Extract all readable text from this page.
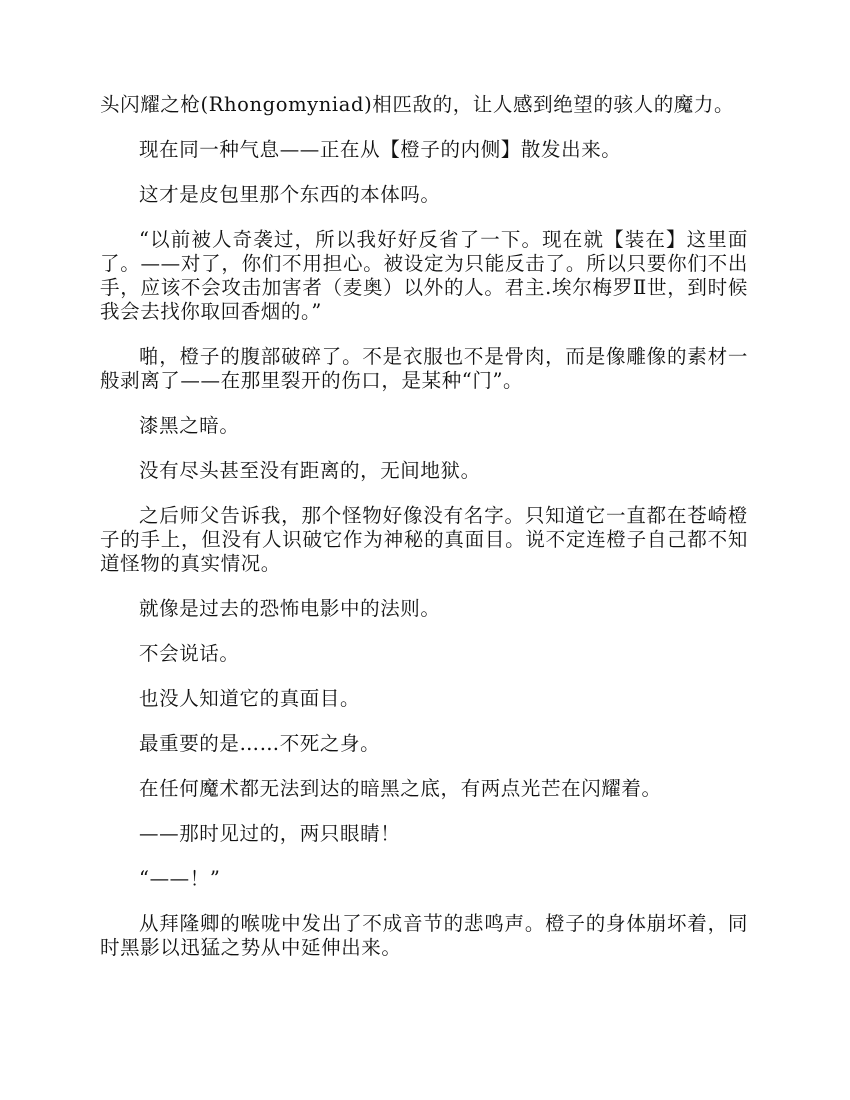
头闪耀之枪(Rhongomyniad)相匹敌的，让人感到绝望的骇人的魔力。

现在同一种气息——正在从【橙子的内侧】散发出来。

这才是皮包里那个东西的本体吗。

“以前被人奇袭过，所以我好好反省了一下。现在就【装在】这里面了。——对了，你们不用担心。被设定为只能反击了。所以只要你们不出手，应该不会攻击加害者（麦奥）以外的人。君主.埃尔梅罗Ⅱ世，到时候我会去找你取回香烟的。”

啪，橙子的腹部破碎了。不是衣服也不是骨肉，而是像雕像的素材一般剥离了——在那里裂开的伤口，是某种“门”。

漆黑之暗。

没有尽头甚至没有距离的，无间地狱。

之后师父告诉我，那个怪物好像没有名字。只知道它一直都在苍崎橙子的手上，但没有人识破它作为神秘的真面目。说不定连橙子自己都不知道怪物的真实情况。

就像是过去的恐怖电影中的法则。

不会说话。

也没人知道它的真面目。

最重要的是……不死之身。

在任何魔术都无法到达的暗黑之底，有两点光芒在闪耀着。

——那时见过的，两只眼睛！

“——！”

从拜隆卿的喉咙中发出了不成音节的悲鸣声。橙子的身体崩坏着，同时黑影以迅猛之势从中延伸出来。
